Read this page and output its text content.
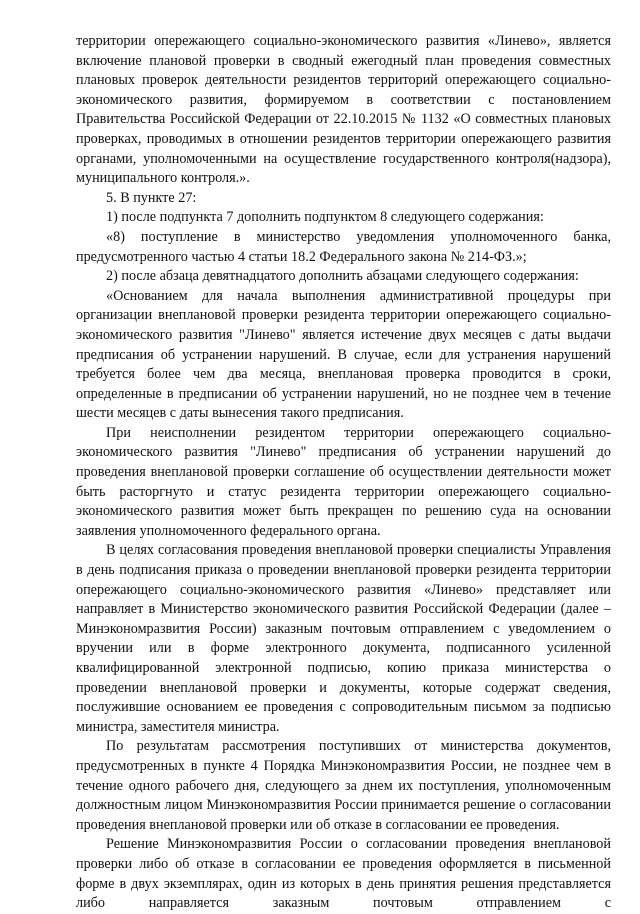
территории опережающего социально-экономического развития «Линево», является включение плановой проверки в сводный ежегодный план проведения совместных плановых проверок деятельности резидентов территорий опережающего социально-экономического развития, формируемом в соответствии с постановлением Правительства Российской Федерации от 22.10.2015 № 1132 «О совместных плановых проверках, проводимых в отношении резидентов территории опережающего развития органами, уполномоченными на осуществление государственного контроля(надзора), муниципального контроля.».

5. В пункте 27:

1) после подпункта 7 дополнить подпунктом 8 следующего содержания:

«8) поступление в министерство уведомления уполномоченного банка, предусмотренного частью 4 статьи 18.2 Федерального закона № 214-ФЗ.»;

2) после абзаца девятнадцатого дополнить абзацами следующего содержания:

«Основанием для начала выполнения административной процедуры при организации внеплановой проверки резидента территории опережающего социально-экономического развития "Линево" является истечение двух месяцев с даты выдачи предписания об устранении нарушений. В случае, если для устранения нарушений требуется более чем два месяца, внеплановая проверка проводится в сроки, определенные в предписании об устранении нарушений, но не позднее чем в течение шести месяцев с даты вынесения такого предписания.

При неисполнении резидентом территории опережающего социально-экономического развития "Линево" предписания об устранении нарушений до проведения внеплановой проверки соглашение об осуществлении деятельности может быть расторгнуто и статус резидента территории опережающего социально-экономического развития может быть прекращен по решению суда на основании заявления уполномоченного федерального органа.

В целях согласования проведения внеплановой проверки специалисты Управления в день подписания приказа о проведении внеплановой проверки резидента территории опережающего социально-экономического развития «Линево» представляет или направляет в Министерство экономического развития Российской Федерации (далее – Минэкономразвития России) заказным почтовым отправлением с уведомлением о вручении или в форме электронного документа, подписанного усиленной квалифицированной электронной подписью, копию приказа министерства о проведении внеплановой проверки и документы, которые содержат сведения, послужившие основанием ее проведения с сопроводительным письмом за подписью министра, заместителя министра.

По результатам рассмотрения поступивших от министерства документов, предусмотренных в пункте 4 Порядка Минэкономразвития России, не позднее чем в течение одного рабочего дня, следующего за днем их поступления, уполномоченным должностным лицом Минэкономразвития России принимается решение о согласовании проведения внеплановой проверки или об отказе в согласовании ее проведения.

Решение Минэкономразвития России о согласовании проведения внеплановой проверки либо об отказе в согласовании ее проведения оформляется в письменной форме в двух экземплярах, один из которых в день принятия решения представляется либо направляется заказным почтовым отправлением с
